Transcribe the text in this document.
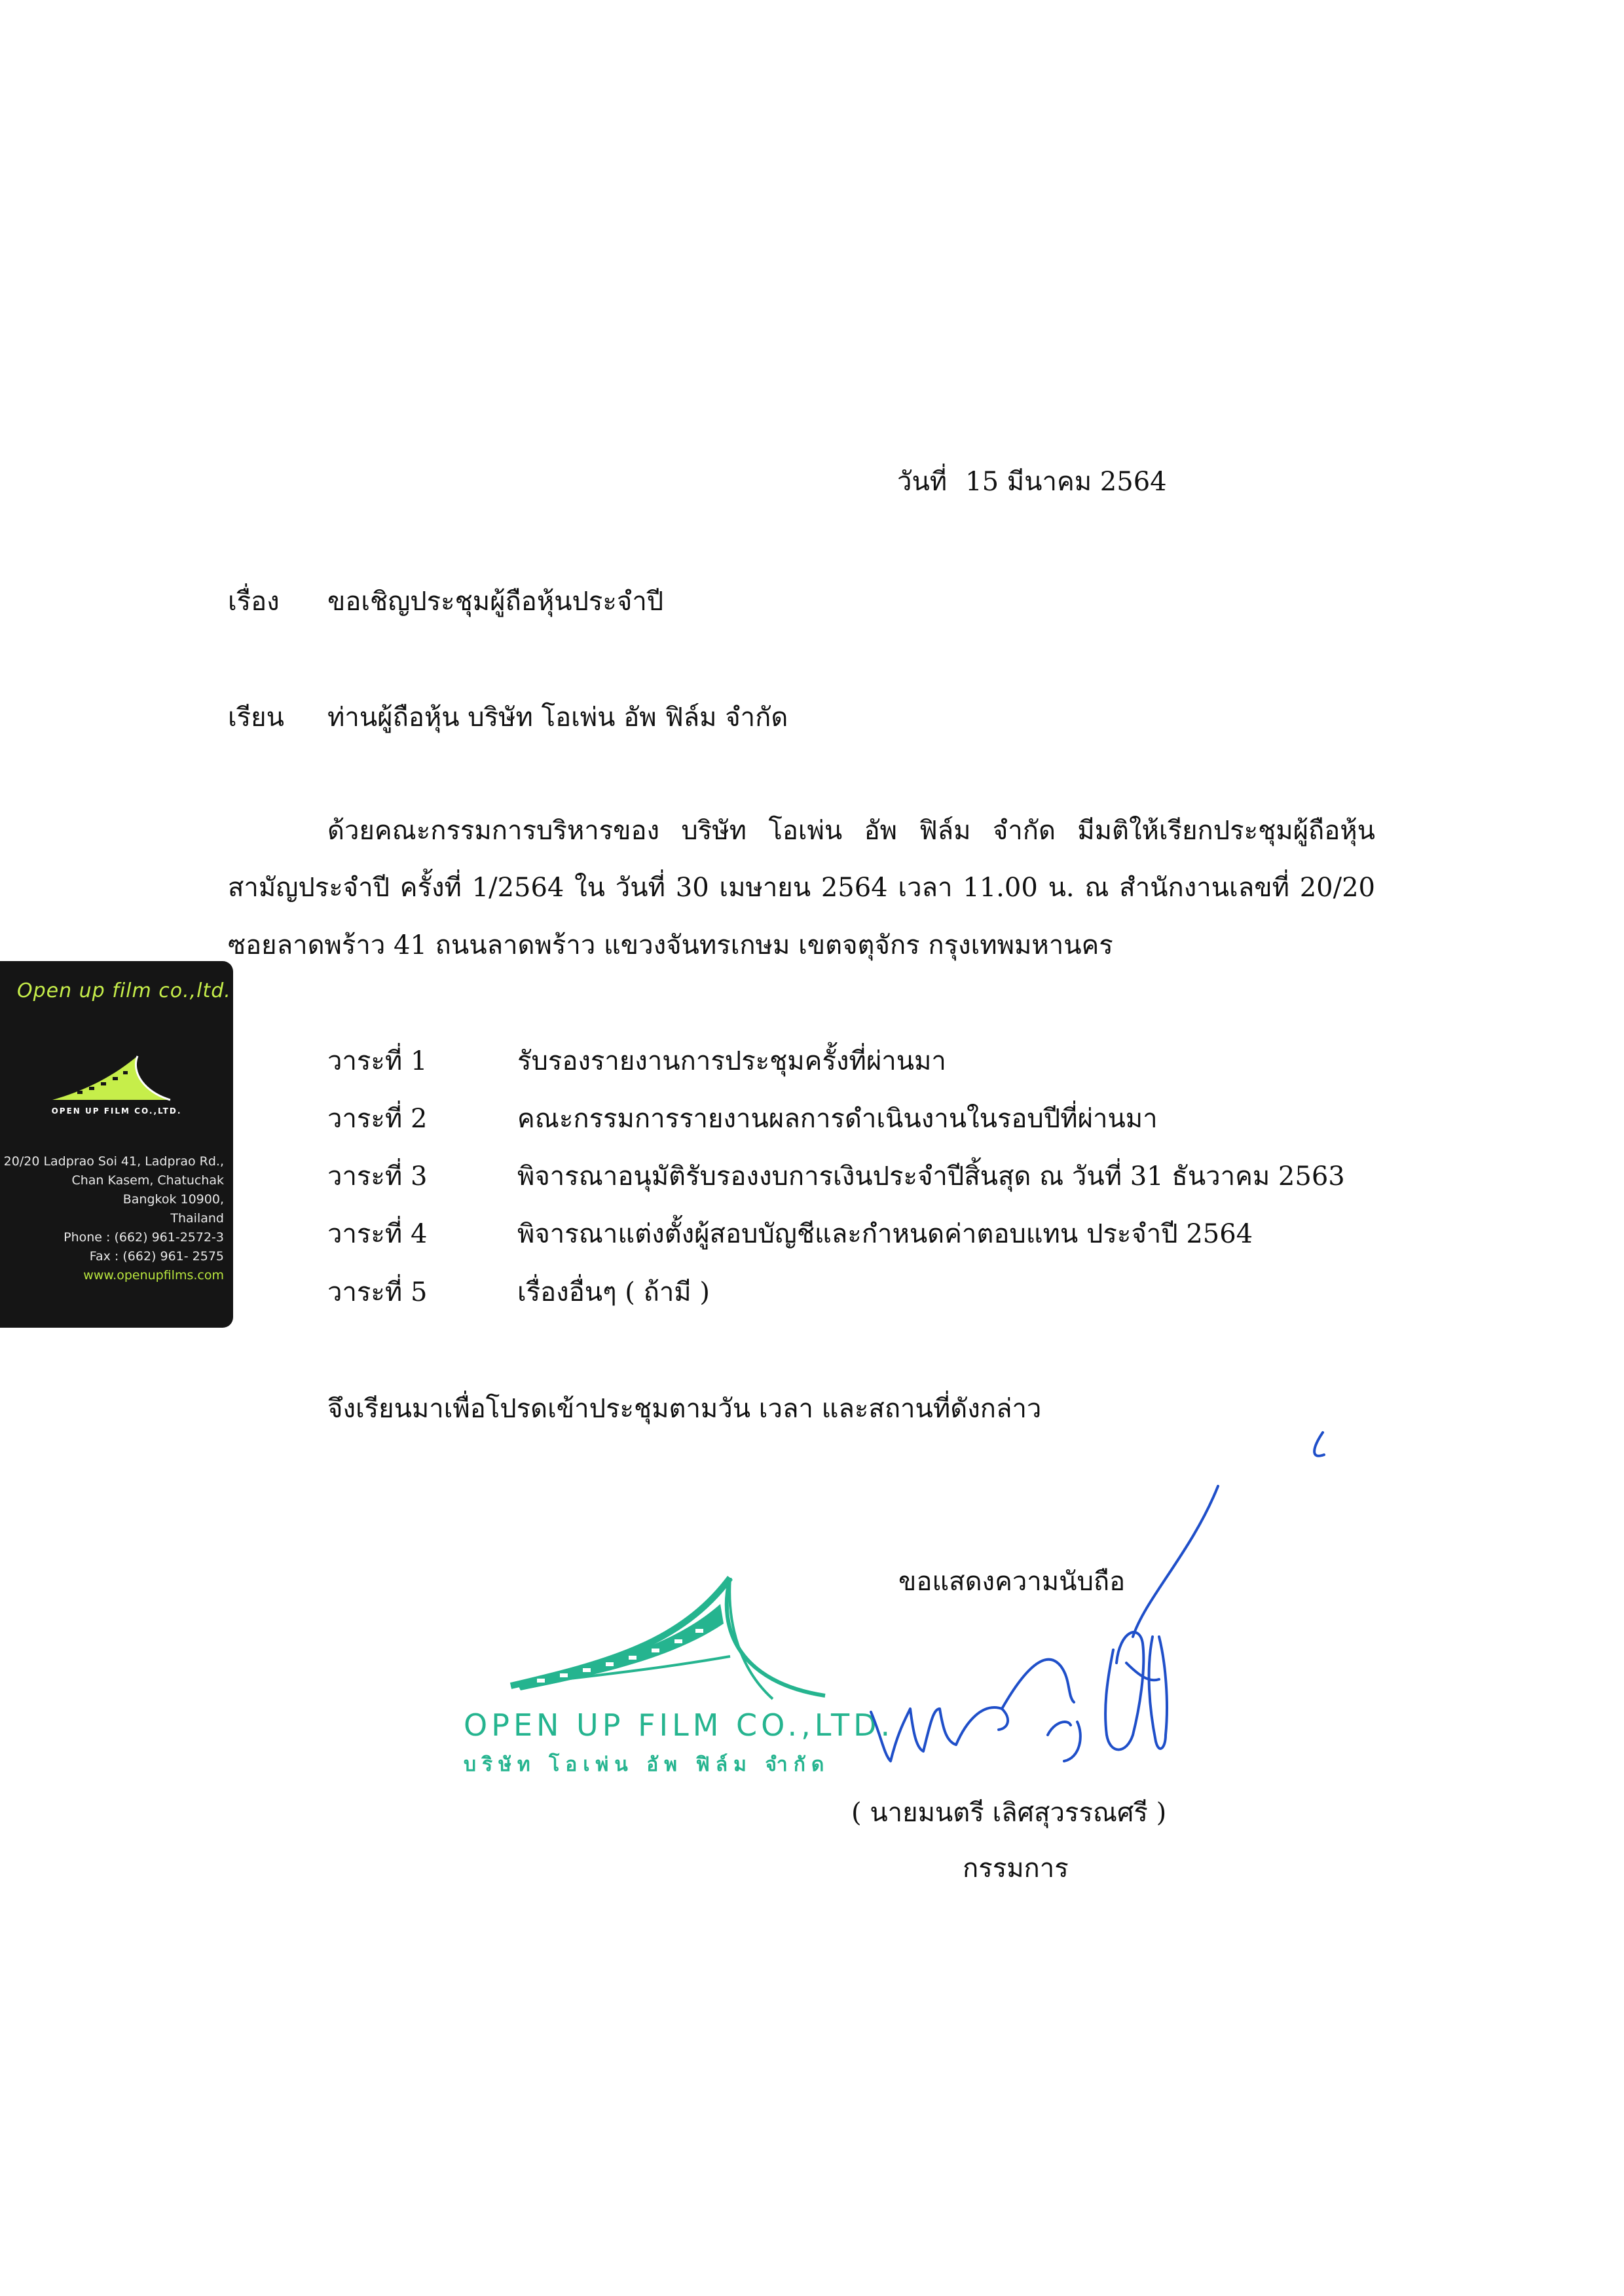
วันที่ 15 มีนาคม 2564
เรื่อง ขอเชิญประชุมผู้ถือหุ้นประจำปี
เรียน ท่านผู้ถือหุ้น บริษัท โอเพ่น อัพ ฟิล์ม จำกัด
ด้วยคณะกรรมการบริหารของ บริษัท โอเพ่น อัพ ฟิล์ม จำกัด มีมติให้เรียกประชุมผู้ถือหุ้น
สามัญประจำปี ครั้งที่ 1/2564 ใน วันที่ 30 เมษายน 2564 เวลา 11.00 น. ณ สำนักงานเลขที่ 20/20
ซอยลาดพร้าว 41 ถนนลาดพร้าว แขวงจันทรเกษม เขตจตุจักร กรุงเทพมหานคร
วาระที่ 1	รับรองรายงานการประชุมครั้งที่ผ่านมา
วาระที่ 2	คณะกรรมการรายงานผลการดำเนินงานในรอบปีที่ผ่านมา
วาระที่ 3	พิจารณาอนุมัติรับรองงบการเงินประจำปีสิ้นสุด ณ วันที่ 31 ธันวาคม 2563
วาระที่ 4	พิจารณาแต่งตั้งผู้สอบบัญชีและกำหนดค่าตอบแทน ประจำปี 2564
วาระที่ 5	เรื่องอื่นๆ ( ถ้ามี )
จึงเรียนมาเพื่อโปรดเข้าประชุมตามวัน เวลา และสถานที่ดังกล่าว
ขอแสดงความนับถือ
( นายมนตรี เลิศสุวรรณศรี )
กรรมการ
Open up film co.,ltd.
OPEN UP FILM CO.,LTD.
20/20 Ladprao Soi 41, Ladprao Rd.,
Chan Kasem, Chatuchak
Bangkok 10900,
Thailand
Phone : (662) 961-2572-3
Fax : (662) 961- 2575
www.openupfilms.com
OPEN UP FILM CO.,LTD.
บริษัท โอเพ่น อัพ ฟิล์ม จำกัด
